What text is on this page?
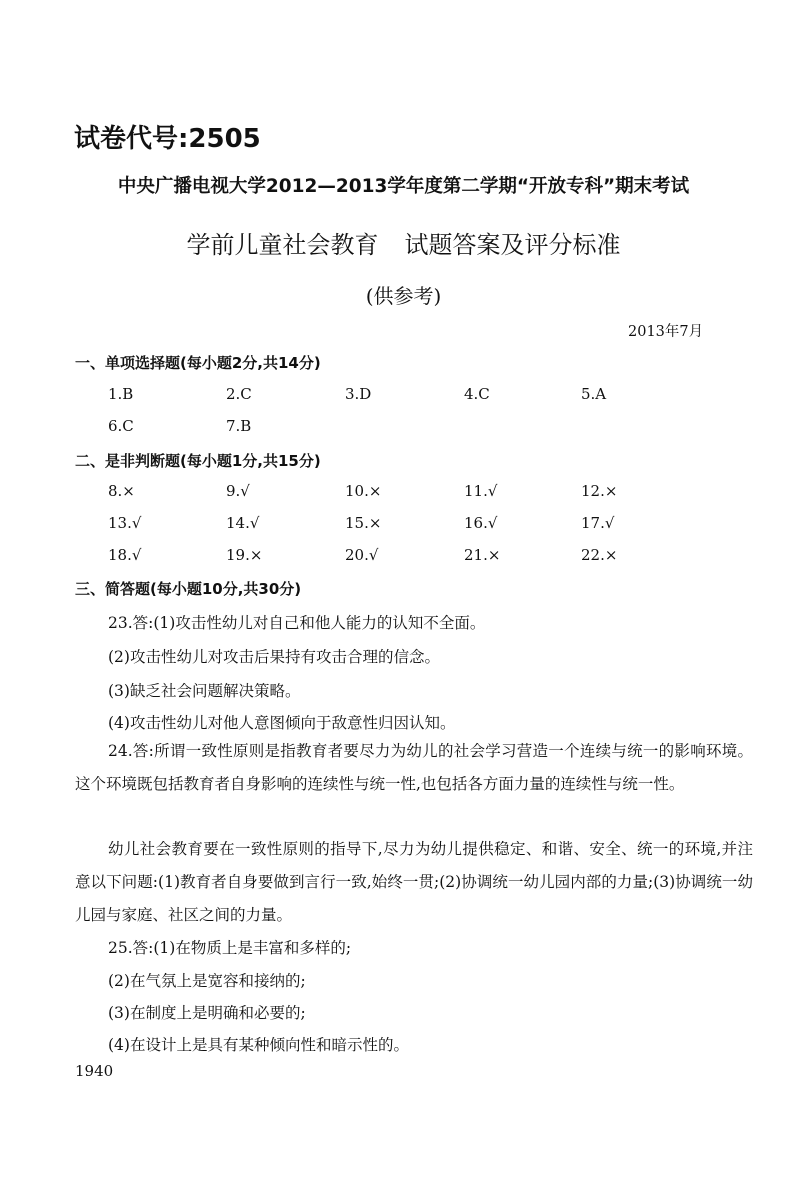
试卷代号:2505
中央广播电视大学2012—2013学年度第二学期“开放专科”期末考试
学前儿童社会教育 试题答案及评分标准
(供参考)
2013年7月
一、单项选择题(每小题2分,共14分)
1.B	2.C	3.D	4.C	5.A
6.C	7.B
二、是非判断题(每小题1分,共15分)
8.×	9.√	10.×	11.√	12.×
13.√	14.√	15.×	16.√	17.√
18.√	19.×	20.√	21.×	22.×
三、简答题(每小题10分,共30分)
23.答:(1)攻击性幼儿对自己和他人能力的认知不全面。
(2)攻击性幼儿对攻击后果持有攻击合理的信念。
(3)缺乏社会问题解决策略。
(4)攻击性幼儿对他人意图倾向于敌意性归因认知。
24.答:所谓一致性原则是指教育者要尽力为幼儿的社会学习营造一个连续与统一的影响环境。这个环境既包括教育者自身影响的连续性与统一性,也包括各方面力量的连续性与统一性。
幼儿社会教育要在一致性原则的指导下,尽力为幼儿提供稳定、和谐、安全、统一的环境,并注意以下问题:(1)教育者自身要做到言行一致,始终一贯;(2)协调统一幼儿园内部的力量;(3)协调统一幼儿园与家庭、社区之间的力量。
25.答:(1)在物质上是丰富和多样的;
(2)在气氛上是宽容和接纳的;
(3)在制度上是明确和必要的;
(4)在设计上是具有某种倾向性和暗示性的。
1940
